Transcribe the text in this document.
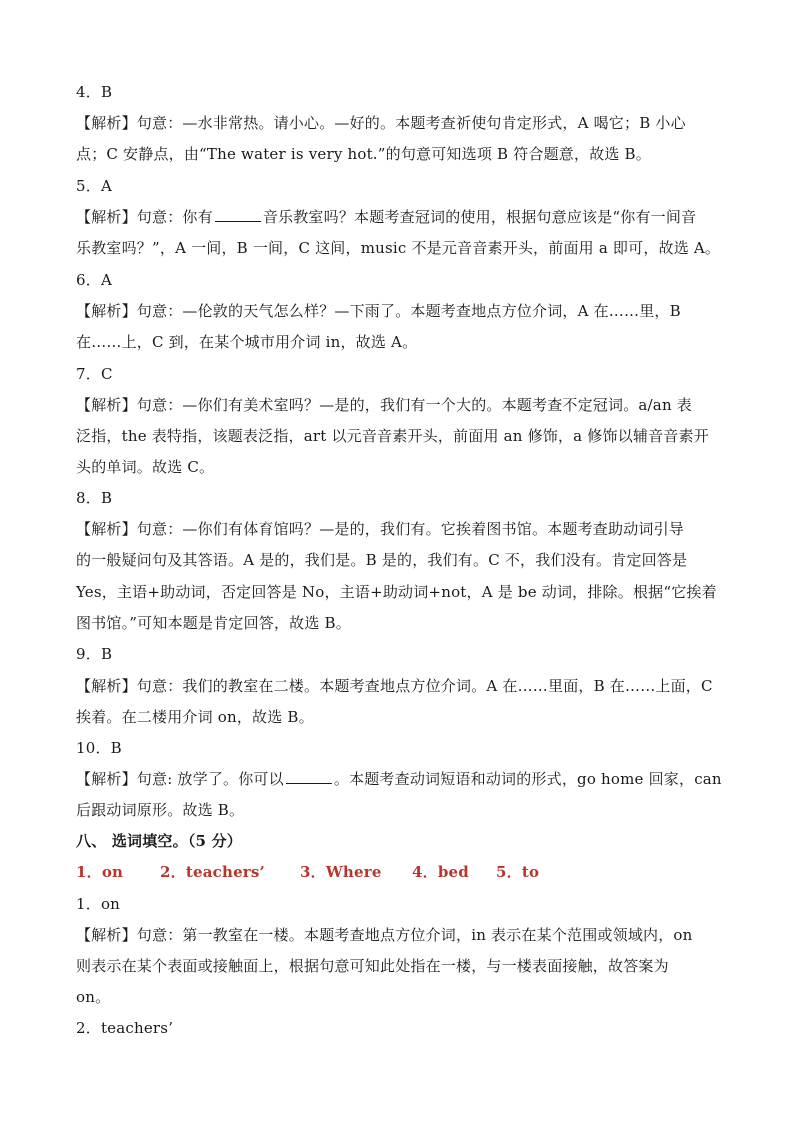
4．B
【解析】句意：—水非常热。请小心。—好的。本题考查祈使句肯定形式，A 喝它；B 小心
点；C 安静点，由“The water is very hot.”的句意可知选项 B 符合题意，故选 B。
5．A
【解析】句意：你有	音乐教室吗？本题考查冠词的使用，根据句意应该是“你有一间音
乐教室吗？”，A 一间，B 一间，C 这间，music 不是元音音素开头，前面用 a 即可，故选 A。
6．A
【解析】句意：—伦敦的天气怎么样？—下雨了。本题考查地点方位介词，A 在……里，B
在……上，C 到，在某个城市用介词 in，故选 A。
7．C
【解析】句意：—你们有美术室吗？—是的，我们有一个大的。本题考查不定冠词。a/an 表
泛指，the 表特指，该题表泛指，art 以元音音素开头，前面用 an 修饰，a 修饰以辅音音素开
头的单词。故选 C。
8．B
【解析】句意：—你们有体育馆吗？—是的，我们有。它挨着图书馆。本题考查助动词引导
的一般疑问句及其答语。A 是的，我们是。B 是的，我们有。C 不，我们没有。肯定回答是
Yes，主语+助动词，否定回答是 No，主语+助动词+not，A 是 be 动词，排除。根据“它挨着
图书馆。”可知本题是肯定回答，故选 B。
9．B
【解析】句意：我们的教室在二楼。本题考查地点方位介词。A 在……里面，B 在……上面，C
挨着。在二楼用介词 on，故选 B。
10．B
【解析】句意: 放学了。你可以	。本题考查动词短语和动词的形式，go home 回家，can
后跟动词原形。故选 B。
八、 选词填空。（5 分）
1．on 2．teachers’ 3．Where 4．bed 5．to
1．on
【解析】句意：第一教室在一楼。本题考查地点方位介词，in 表示在某个范围或领域内，on
则表示在某个表面或接触面上，根据句意可知此处指在一楼，与一楼表面接触，故答案为
on。
2．teachers’
